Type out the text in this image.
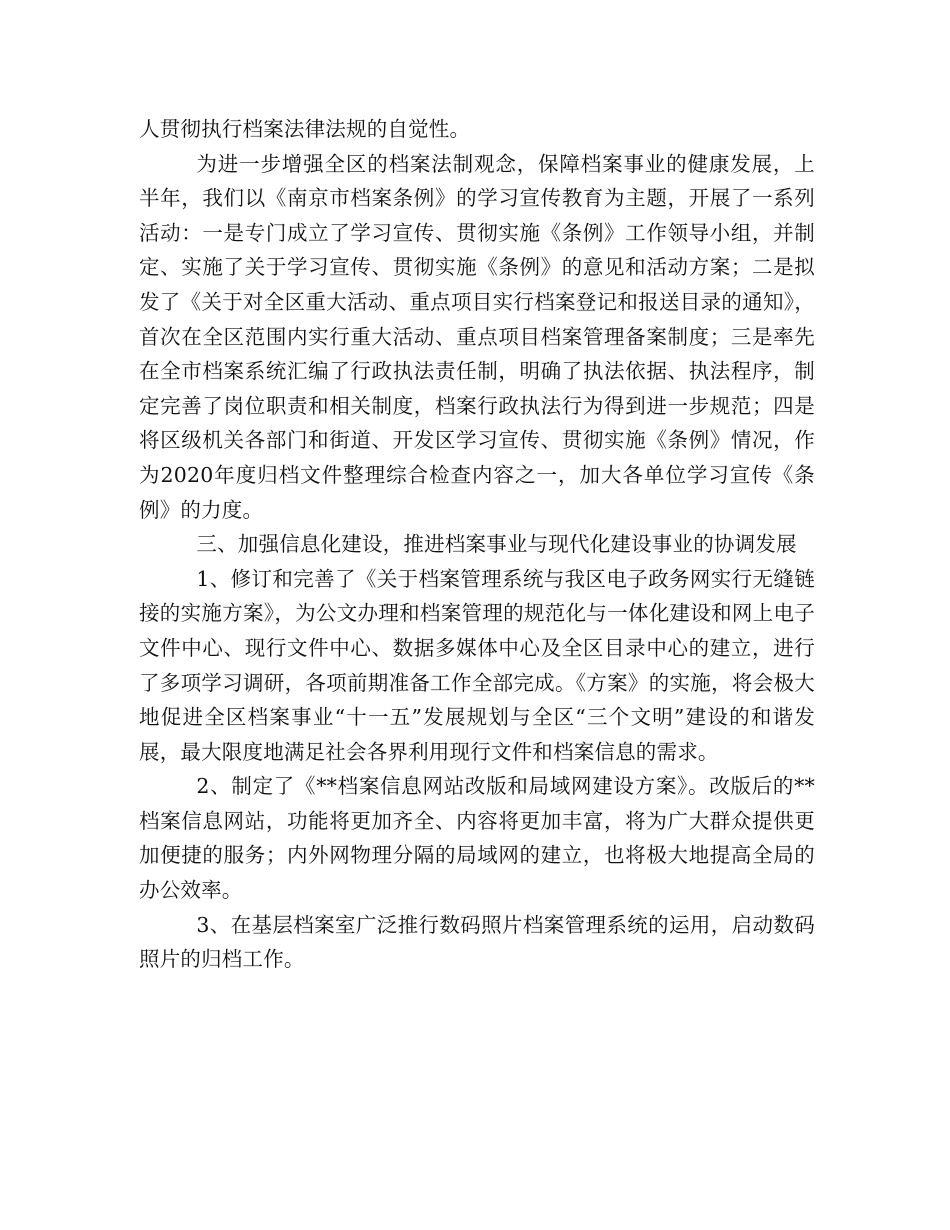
人贯彻执行档案法律法规的自觉性。

为进一步增强全区的档案法制观念，保障档案事业的健康发展，上半年，我们以《南京市档案条例》的学习宣传教育为主题，开展了一系列活动：一是专门成立了学习宣传、贯彻实施《条例》工作领导小组，并制定、实施了关于学习宣传、贯彻实施《条例》的意见和活动方案；二是拟发了《关于对全区重大活动、重点项目实行档案登记和报送目录的通知》，首次在全区范围内实行重大活动、重点项目档案管理备案制度；三是率先在全市档案系统汇编了行政执法责任制，明确了执法依据、执法程序，制定完善了岗位职责和相关制度，档案行政执法行为得到进一步规范；四是将区级机关各部门和街道、开发区学习宣传、贯彻实施《条例》情况，作为2020年度归档文件整理综合检查内容之一，加大各单位学习宣传《条例》的力度。

三、加强信息化建设，推进档案事业与现代化建设事业的协调发展

1、修订和完善了《关于档案管理系统与我区电子政务网实行无缝链接的实施方案》，为公文办理和档案管理的规范化与一体化建设和网上电子文件中心、现行文件中心、数据多媒体中心及全区目录中心的建立，进行了多项学习调研，各项前期准备工作全部完成。《方案》的实施，将会极大地促进全区档案事业“十一五”发展规划与全区“三个文明”建设的和谐发展，最大限度地满足社会各界利用现行文件和档案信息的需求。

2、制定了《**档案信息网站改版和局域网建设方案》。改版后的**档案信息网站，功能将更加齐全、内容将更加丰富，将为广大群众提供更加便捷的服务；内外网物理分隔的局域网的建立，也将极大地提高全局的办公效率。

3、在基层档案室广泛推行数码照片档案管理系统的运用，启动数码照片的归档工作。
